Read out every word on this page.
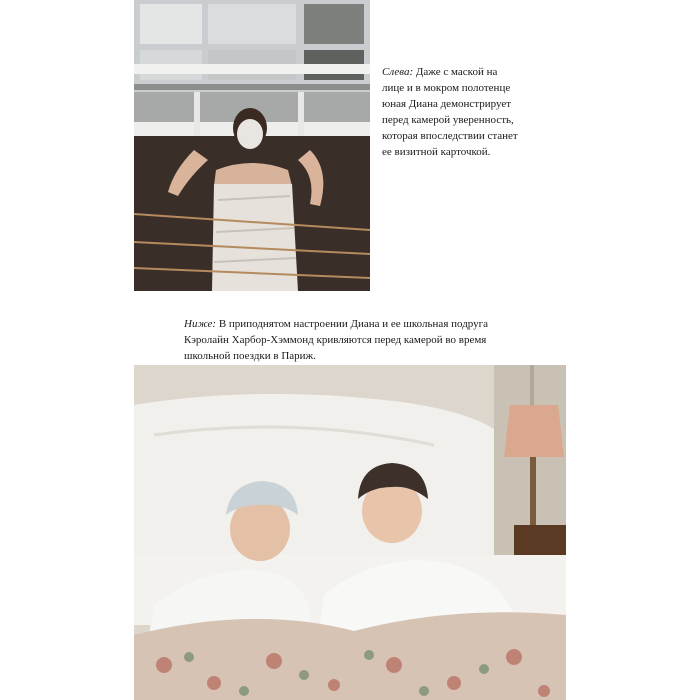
Слева: Даже с маской на лице и в мокром полотенце юная Диана демонстрирует перед камерой уверенность, которая впоследствии станет ее визитной карточкой.
Ниже: В приподнятом настроении Диана и ее школьная подруга Кэролайн Харбор-Хэммонд кривляются перед камерой во время школьной поездки в Париж.
